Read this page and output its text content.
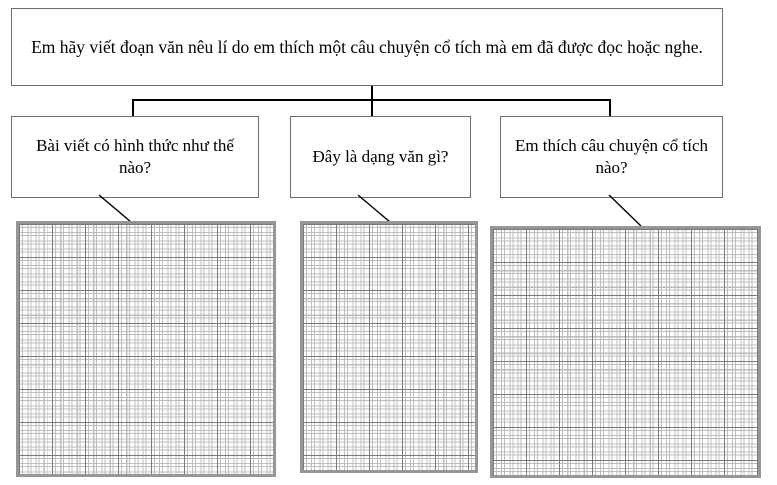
Em hãy viết đoạn văn nêu lí do em thích một câu chuyện cổ tích mà em đã được đọc hoặc nghe.
Bài viết có hình thức như thế nào?
Đây là dạng văn gì?
Em thích câu chuyện cổ tích nào?
